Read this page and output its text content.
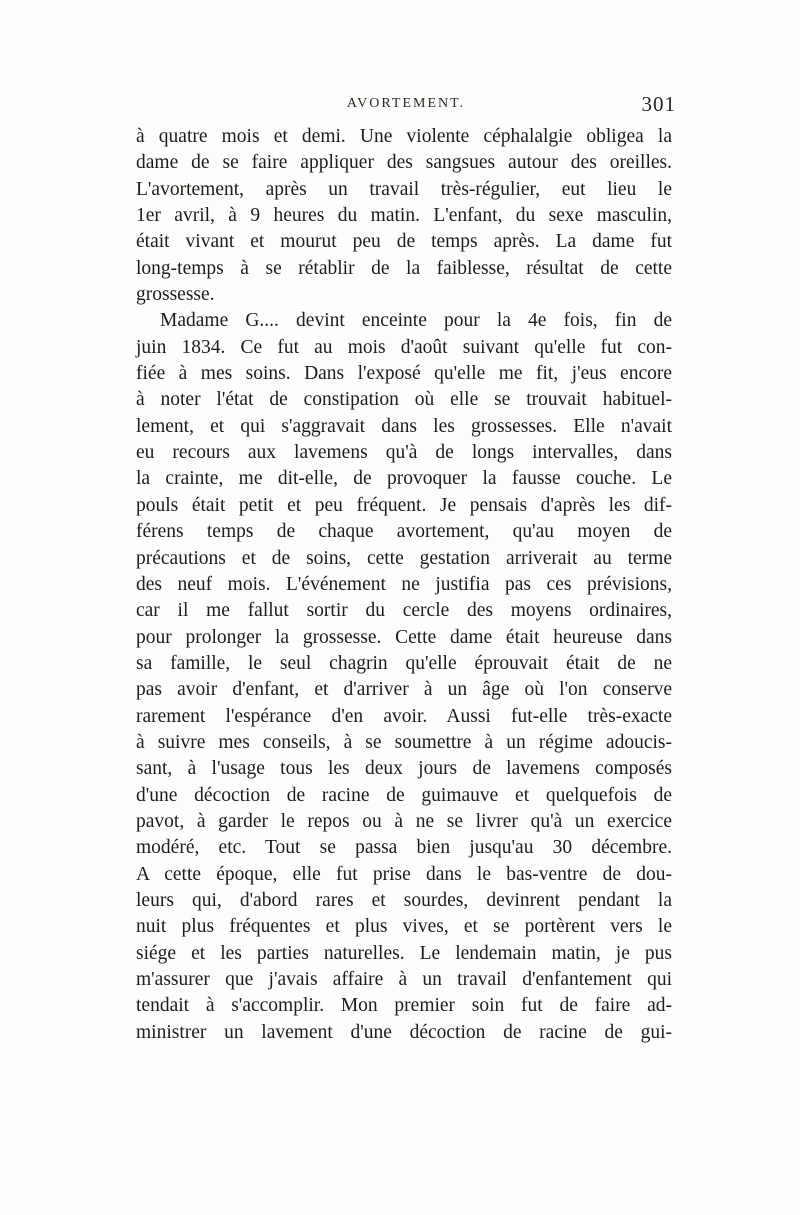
AVORTEMENT.	301
à quatre mois et demi. Une violente céphalalgie obligea la
dame de se faire appliquer des sangsues autour des oreilles.
L'avortement, après un travail très-régulier, eut lieu le
1er avril, à 9 heures du matin. L'enfant, du sexe masculin,
était vivant et mourut peu de temps après. La dame fut
long-temps à se rétablir de la faiblesse, résultat de cette
grossesse.
Madame G.... devint enceinte pour la 4e fois, fin de
juin 1834. Ce fut au mois d'août suivant qu'elle fut con-
fiée à mes soins. Dans l'exposé qu'elle me fit, j'eus encore
à noter l'état de constipation où elle se trouvait habituel-
lement, et qui s'aggravait dans les grossesses. Elle n'avait
eu recours aux lavemens qu'à de longs intervalles, dans
la crainte, me dit-elle, de provoquer la fausse couche. Le
pouls était petit et peu fréquent. Je pensais d'après les dif-
férens temps de chaque avortement, qu'au moyen de
précautions et de soins, cette gestation arriverait au terme
des neuf mois. L'événement ne justifia pas ces prévisions,
car il me fallut sortir du cercle des moyens ordinaires,
pour prolonger la grossesse. Cette dame était heureuse dans
sa famille, le seul chagrin qu'elle éprouvait était de ne
pas avoir d'enfant, et d'arriver à un âge où l'on conserve
rarement l'espérance d'en avoir. Aussi fut-elle très-exacte
à suivre mes conseils, à se soumettre à un régime adoucis-
sant, à l'usage tous les deux jours de lavemens composés
d'une décoction de racine de guimauve et quelquefois de
pavot, à garder le repos ou à ne se livrer qu'à un exercice
modéré, etc. Tout se passa bien jusqu'au 30 décembre.
A cette époque, elle fut prise dans le bas-ventre de dou-
leurs qui, d'abord rares et sourdes, devinrent pendant la
nuit plus fréquentes et plus vives, et se portèrent vers le
siége et les parties naturelles. Le lendemain matin, je pus
m'assurer que j'avais affaire à un travail d'enfantement qui
tendait à s'accomplir. Mon premier soin fut de faire ad-
ministrer un lavement d'une décoction de racine de gui-
